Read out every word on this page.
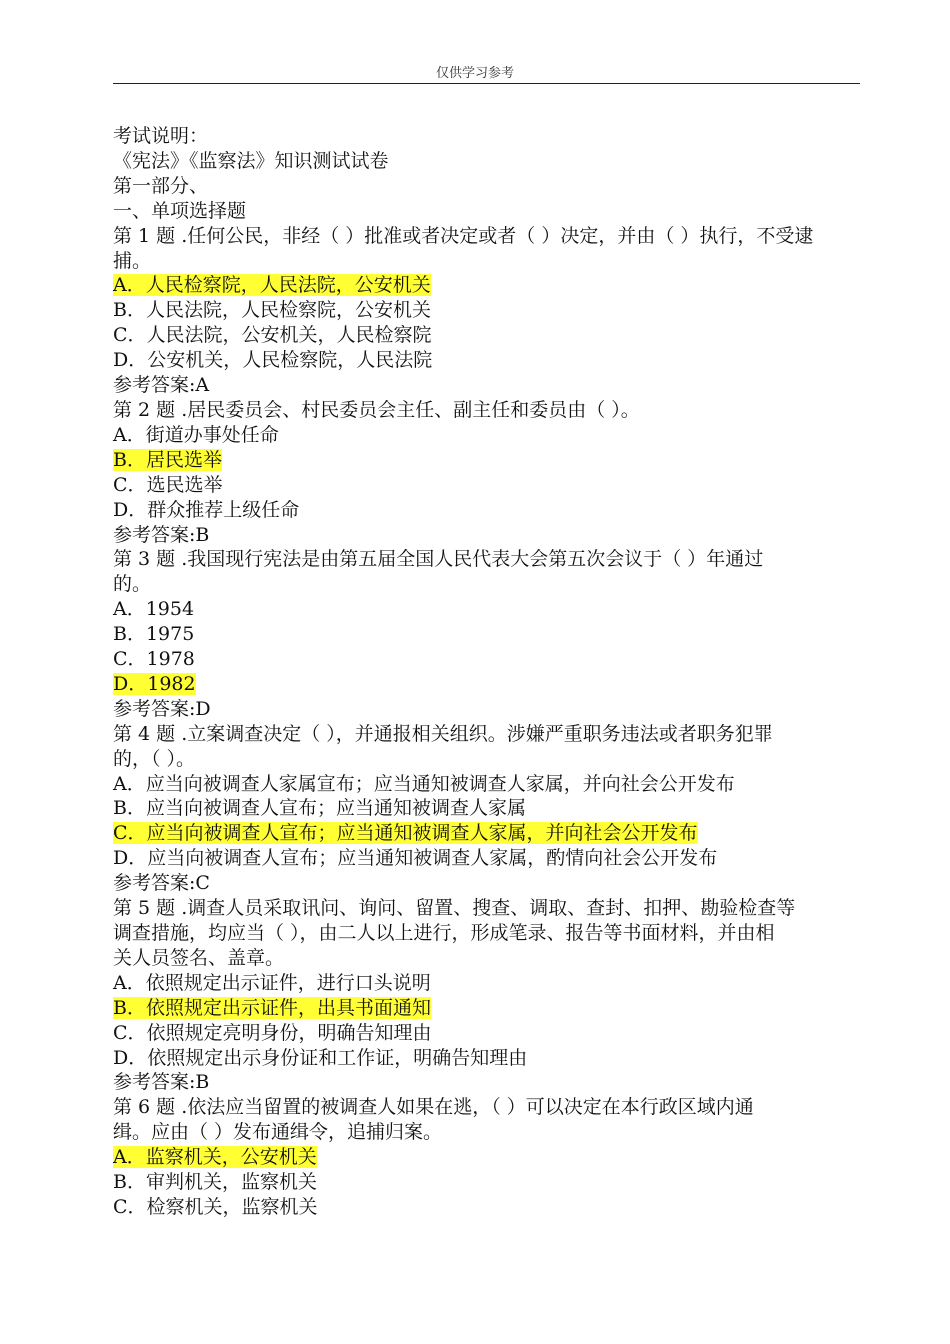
仅供学习参考
考试说明：
《宪法》《监察法》知识测试试卷
第一部分、
一、单项选择题
第 1 题 .任何公民，非经（ ）批准或者决定或者（ ）决定，并由（ ）执行，不受逮
捕。
A．人民检察院，人民法院，公安机关
B．人民法院，人民检察院，公安机关
C．人民法院，公安机关，人民检察院
D．公安机关，人民检察院，人民法院
参考答案:A
第 2 题 .居民委员会、村民委员会主任、副主任和委员由（ ）。
A．街道办事处任命
B．居民选举
C．选民选举
D．群众推荐上级任命
参考答案:B
第 3 题 .我国现行宪法是由第五届全国人民代表大会第五次会议于（ ）年通过
的。
A．1954
B．1975
C．1978
D．1982
参考答案:D
第 4 题 .立案调查决定（ ），并通报相关组织。涉嫌严重职务违法或者职务犯罪
的，（ ）。
A．应当向被调查人家属宣布；应当通知被调查人家属，并向社会公开发布
B．应当向被调查人宣布；应当通知被调查人家属
C．应当向被调查人宣布；应当通知被调查人家属，并向社会公开发布
D．应当向被调查人宣布；应当通知被调查人家属，酌情向社会公开发布
参考答案:C
第 5 题 .调查人员采取讯问、询问、留置、搜查、调取、查封、扣押、勘验检查等
调查措施，均应当（ ），由二人以上进行，形成笔录、报告等书面材料，并由相
关人员签名、盖章。
A．依照规定出示证件，进行口头说明
B．依照规定出示证件，出具书面通知
C．依照规定亮明身份，明确告知理由
D．依照规定出示身份证和工作证，明确告知理由
参考答案:B
第 6 题 .依法应当留置的被调查人如果在逃，（ ）可以决定在本行政区域内通
缉。应由（ ）发布通缉令，追捕归案。
A．监察机关，公安机关
B．审判机关，监察机关
C．检察机关，监察机关
